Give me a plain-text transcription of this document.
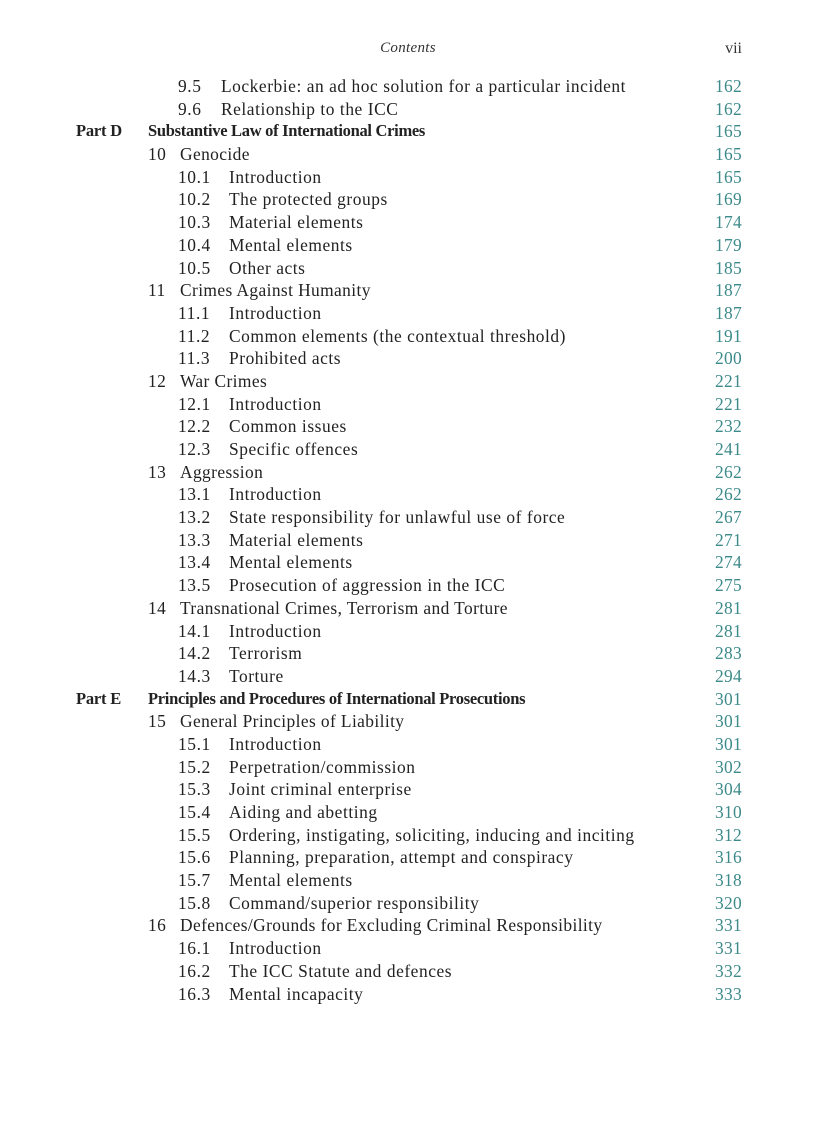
Contents	vii
9.5 Lockerbie: an ad hoc solution for a particular incident	162
9.6 Relationship to the ICC	162
Part D Substantive Law of International Crimes	165
10 Genocide	165
10.1 Introduction	165
10.2 The protected groups	169
10.3 Material elements	174
10.4 Mental elements	179
10.5 Other acts	185
11 Crimes Against Humanity	187
11.1 Introduction	187
11.2 Common elements (the contextual threshold)	191
11.3 Prohibited acts	200
12 War Crimes	221
12.1 Introduction	221
12.2 Common issues	232
12.3 Specific offences	241
13 Aggression	262
13.1 Introduction	262
13.2 State responsibility for unlawful use of force	267
13.3 Material elements	271
13.4 Mental elements	274
13.5 Prosecution of aggression in the ICC	275
14 Transnational Crimes, Terrorism and Torture	281
14.1 Introduction	281
14.2 Terrorism	283
14.3 Torture	294
Part E Principles and Procedures of International Prosecutions	301
15 General Principles of Liability	301
15.1 Introduction	301
15.2 Perpetration/commission	302
15.3 Joint criminal enterprise	304
15.4 Aiding and abetting	310
15.5 Ordering, instigating, soliciting, inducing and inciting	312
15.6 Planning, preparation, attempt and conspiracy	316
15.7 Mental elements	318
15.8 Command/superior responsibility	320
16 Defences/Grounds for Excluding Criminal Responsibility	331
16.1 Introduction	331
16.2 The ICC Statute and defences	332
16.3 Mental incapacity	333
